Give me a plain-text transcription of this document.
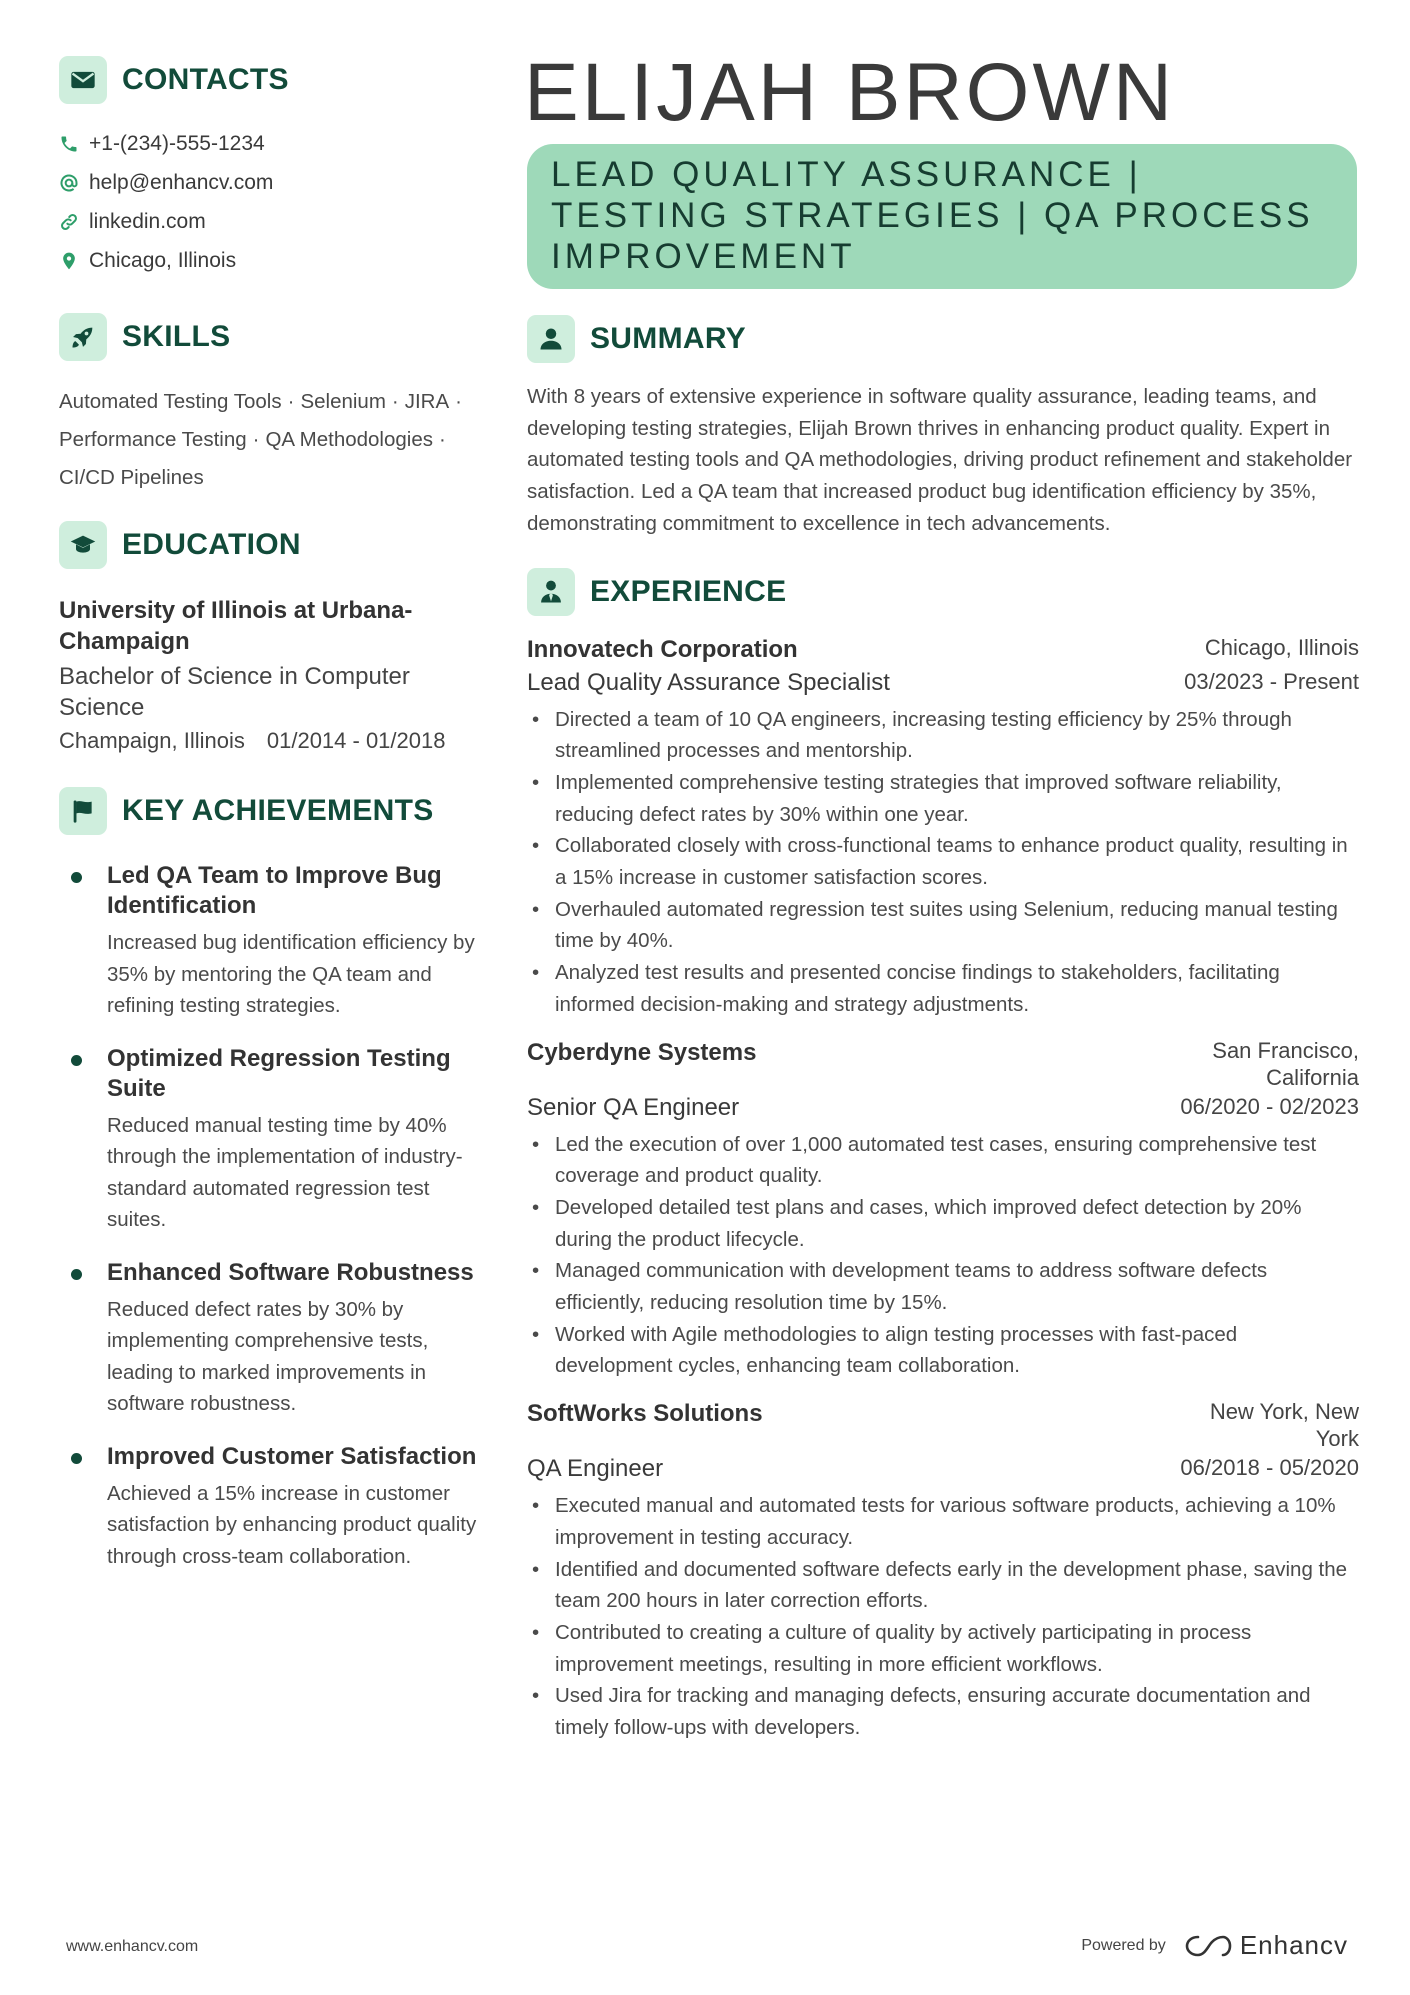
CONTACTS
+1-(234)-555-1234
help@enhancv.com
linkedin.com
Chicago, Illinois
SKILLS
Automated Testing Tools · Selenium · JIRA ·
Performance Testing · QA Methodologies ·
CI/CD Pipelines
EDUCATION
University of Illinois at Urbana-Champaign
Bachelor of Science in Computer Science
Champaign, Illinois 01/2014 - 01/2018
KEY ACHIEVEMENTS
Led QA Team to Improve Bug Identification
Increased bug identification efficiency by 35% by mentoring the QA team and refining testing strategies.
Optimized Regression Testing Suite
Reduced manual testing time by 40% through the implementation of industry-standard automated regression test suites.
Enhanced Software Robustness
Reduced defect rates by 30% by implementing comprehensive tests, leading to marked improvements in software robustness.
Improved Customer Satisfaction
Achieved a 15% increase in customer satisfaction by enhancing product quality through cross-team collaboration.
ELIJAH BROWN
LEAD QUALITY ASSURANCE | TESTING STRATEGIES | QA PROCESS IMPROVEMENT
SUMMARY
With 8 years of extensive experience in software quality assurance, leading teams, and developing testing strategies, Elijah Brown thrives in enhancing product quality. Expert in automated testing tools and QA methodologies, driving product refinement and stakeholder satisfaction. Led a QA team that increased product bug identification efficiency by 35%, demonstrating commitment to excellence in tech advancements.
EXPERIENCE
Innovatech Corporation	Chicago, Illinois
Lead Quality Assurance Specialist	03/2023 - Present
• Directed a team of 10 QA engineers, increasing testing efficiency by 25% through streamlined processes and mentorship.
• Implemented comprehensive testing strategies that improved software reliability, reducing defect rates by 30% within one year.
• Collaborated closely with cross-functional teams to enhance product quality, resulting in a 15% increase in customer satisfaction scores.
• Overhauled automated regression test suites using Selenium, reducing manual testing time by 40%.
• Analyzed test results and presented concise findings to stakeholders, facilitating informed decision-making and strategy adjustments.
Cyberdyne Systems	San Francisco, California
Senior QA Engineer	06/2020 - 02/2023
• Led the execution of over 1,000 automated test cases, ensuring comprehensive test coverage and product quality.
• Developed detailed test plans and cases, which improved defect detection by 20% during the product lifecycle.
• Managed communication with development teams to address software defects efficiently, reducing resolution time by 15%.
• Worked with Agile methodologies to align testing processes with fast-paced development cycles, enhancing team collaboration.
SoftWorks Solutions	New York, New York
QA Engineer	06/2018 - 05/2020
• Executed manual and automated tests for various software products, achieving a 10% improvement in testing accuracy.
• Identified and documented software defects early in the development phase, saving the team 200 hours in later correction efforts.
• Contributed to creating a culture of quality by actively participating in process improvement meetings, resulting in more efficient workflows.
• Used Jira for tracking and managing defects, ensuring accurate documentation and timely follow-ups with developers.
www.enhancv.com	Powered by	Enhancv
